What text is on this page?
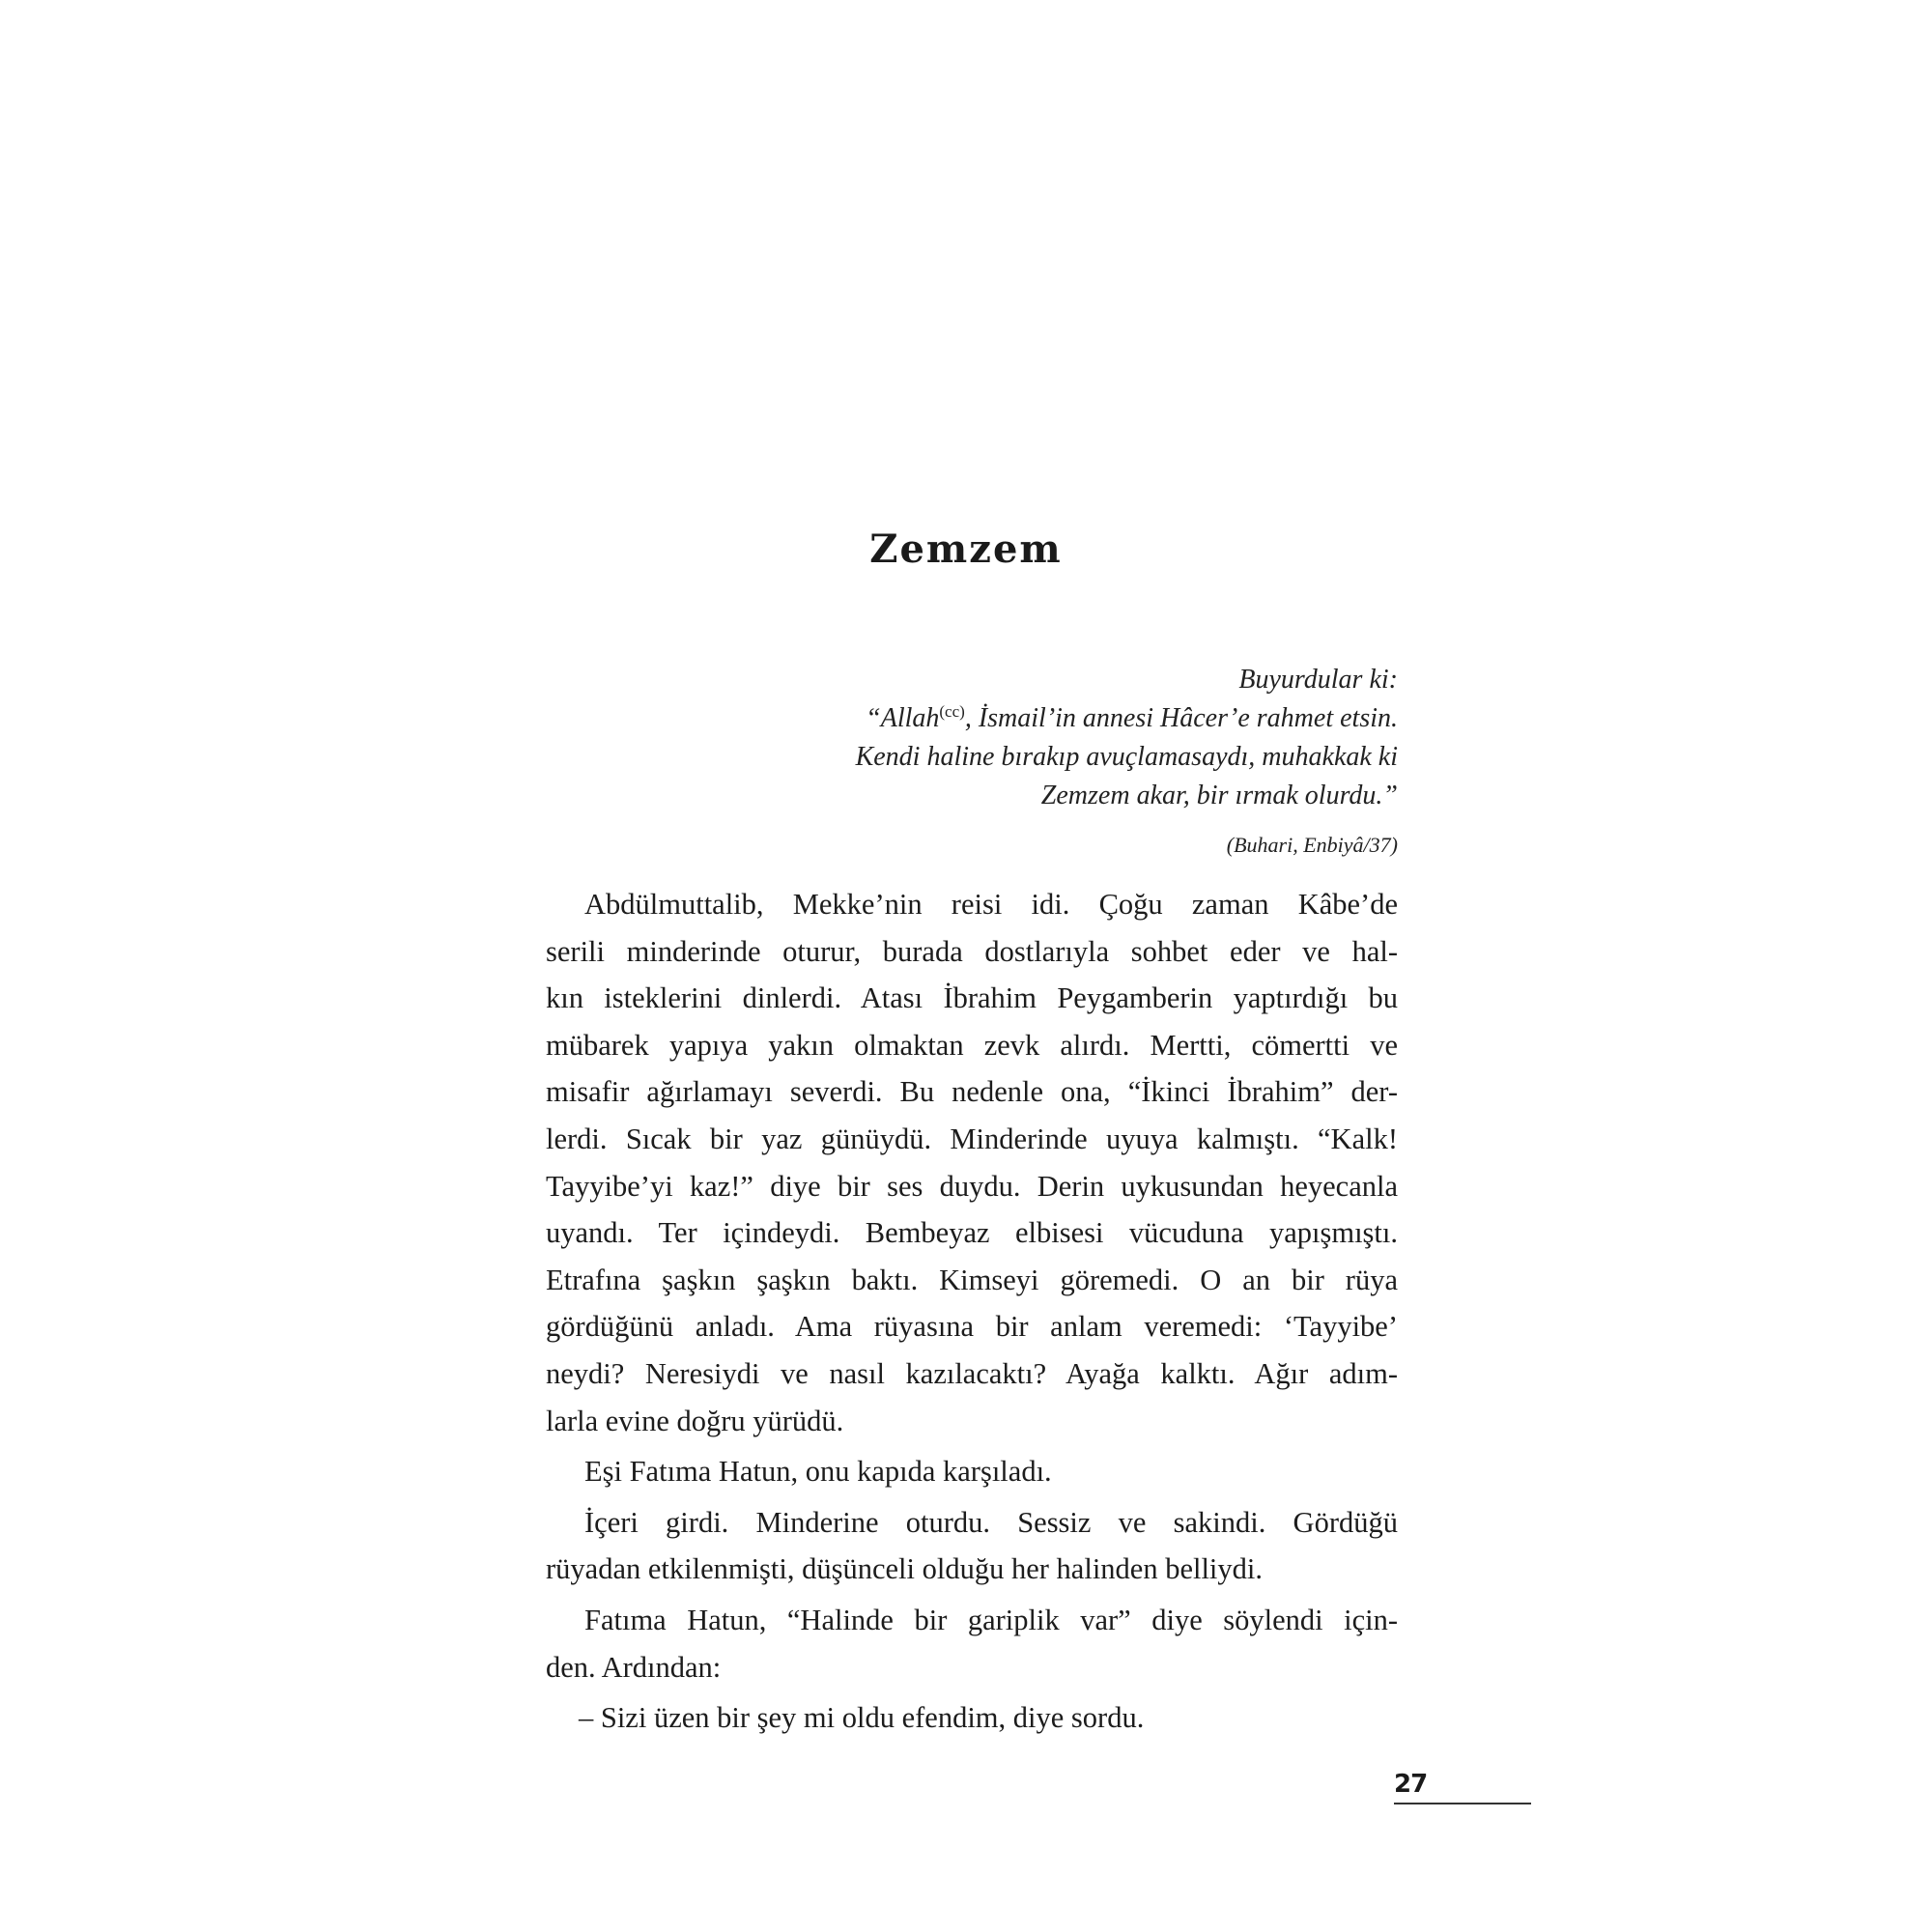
Zemzem
Buyurdular ki:
“Allah$^{(cc)}$, İsmail’in annesi Hâcer’e rahmet etsin.
Kendi haline bırakıp avuçlamasaydı, muhakkak ki
Zemzem akar, bir ırmak olurdu.”
(Buhari, Enbiyâ/37)

Abdülmuttalib, Mekke’nin reisi idi. Çoğu zaman Kâbe’de

serili minderinde oturur, burada dostlarıyla sohbet eder ve hal-

kın isteklerini dinlerdi. Atası İbrahim Peygamberin yaptırdığı bu

mübarek yapıya yakın olmaktan zevk alırdı. Mertti, cömertti ve

misafir ağırlamayı severdi. Bu nedenle ona, “İkinci İbrahim” der-

lerdi. Sıcak bir yaz günüydü. Minderinde uyuya kalmıştı. “Kalk!

Tayyibe’yi kaz!” diye bir ses duydu. Derin uykusundan heyecanla

uyandı. Ter içindeydi. Bembeyaz elbisesi vücuduna yapışmıştı.

Etrafına şaşkın şaşkın baktı. Kimseyi göremedi. O an bir rüya

gördüğünü anladı. Ama rüyasına bir anlam veremedi: ‘Tayyibe’

neydi? Neresiydi ve nasıl kazılacaktı? Ayağa kalktı. Ağır adım-

larla evine doğru yürüdü.

Eşi Fatıma Hatun, onu kapıda karşıladı.

İçeri girdi. Minderine oturdu. Sessiz ve sakindi. Gördüğü

rüyadan etkilenmişti, düşünceli olduğu her halinden belliydi.

Fatıma Hatun, “Halinde bir gariplik var” diye söylendi için-

den. Ardından:

– Sizi üzen bir şey mi oldu efendim, diye sordu.

27
